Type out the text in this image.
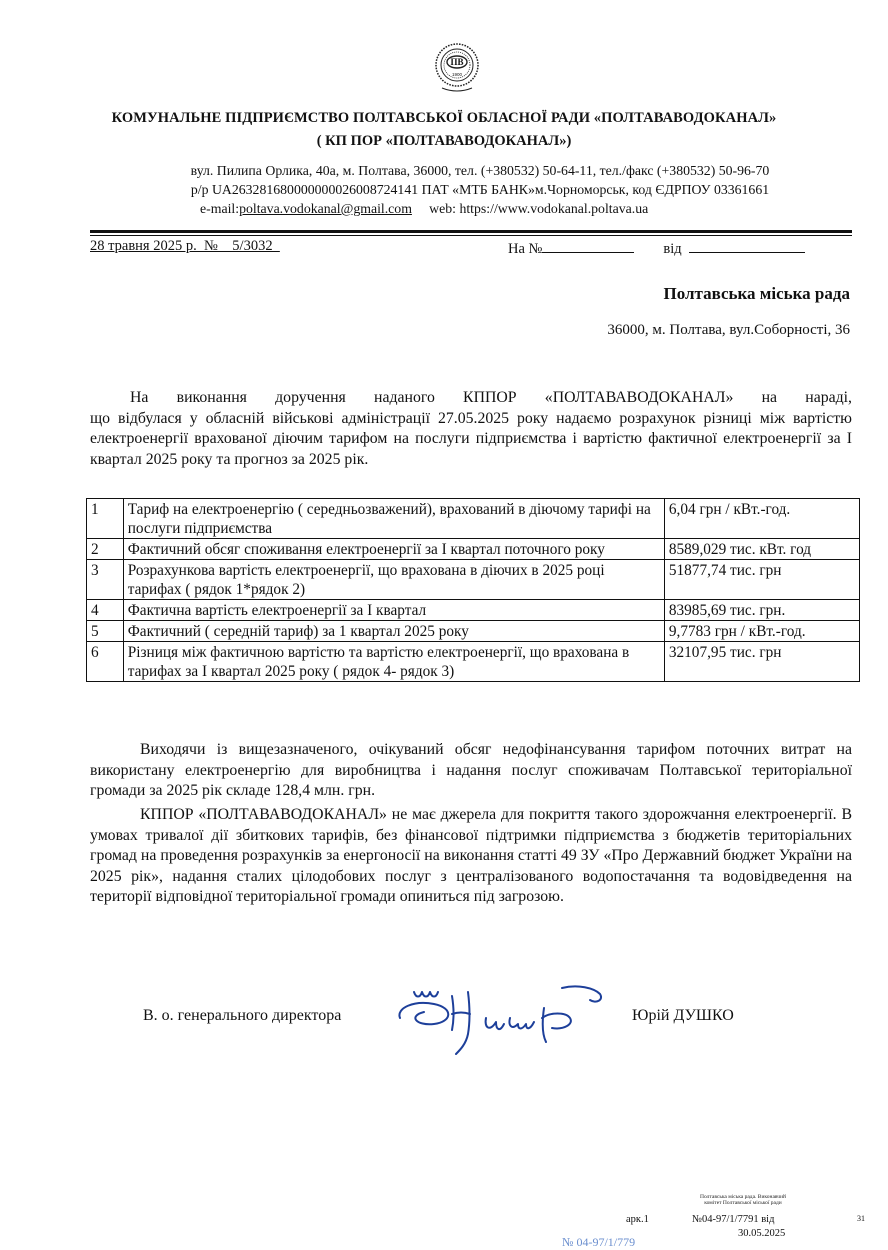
ПВ
1900
КОМУНАЛЬНЕ ПІДПРИЄМСТВО ПОЛТАВСЬКОЇ ОБЛАСНОЇ РАДИ «ПОЛТАВАВОДОКАНАЛ»
( КП ПОР «ПОЛТАВАВОДОКАНАЛ»)
вул. Пилипа Орлика, 40а, м. Полтава, 36000, тел. (+380532) 50-64-11, тел./факс (+380532) 50-96-70
р/р UA263281680000000026008724141 ПАТ «МТБ БАНК»м.Чорноморськ, код ЄДРПОУ 03361661
e-mail:poltava.vodokanal@gmail.com     web: https://www.vodokanal.poltava.ua
28 травня 2025 р.  №    5/3032	На №	від
Полтавська міська рада
36000, м. Полтава, вул.Соборності, 36
На виконання доручення наданого КППОР «ПОЛТАВАВОДОКАНАЛ» на нараді,
що відбулася у обласній військові адміністрації 27.05.2025 року надаємо розрахунок різниці між вартістю електроенергії врахованої діючим тарифом на послуги підприємства і вартістю фактичної електроенергії за І квартал 2025 року та прогноз за 2025 рік.
1	Тариф на електроенергію ( середньозважений), врахований в діючому тарифі на послуги підприємства	6,04 грн / кВт.-год.
2	Фактичний обсяг споживання електроенергії за І квартал поточного року	8589,029 тис. кВт. год
3	Розрахункова вартість електроенергії, що врахована в діючих в 2025 році тарифах ( рядок 1*рядок 2)	51877,74 тис. грн
4	Фактична вартість електроенергії за І квартал	83985,69 тис. грн.
5	Фактичний ( середній тариф) за 1 квартал 2025 року	9,7783 грн / кВт.-год.
6	Різниця між фактичною вартістю та вартістю електроенергії, що врахована в тарифах за І квартал 2025 року ( рядок 4- рядок 3)	32107,95 тис. грн
Виходячи із вищезазначеного, очікуваний обсяг недофінансування тарифом поточних витрат на використану електроенергію для виробництва і надання послуг споживачам Полтавської територіальної громади за 2025 рік складе 128,4 млн. грн.
КППОР «ПОЛТАВАВОДОКАНАЛ» не має джерела для покриття такого здорожчання електроенергії. В умовах тривалої дії збиткових тарифів, без фінансової підтримки підприємства з бюджетів територіальних громад на проведення розрахунків за енергоносії на виконання статті 49 ЗУ «Про Державний бюджет України на 2025 рік», надання сталих цілодобових послуг з централізованого водопостачання та водовідведення на території відповідної територіальної громади опиниться під загрозою.
В. о. генерального директора	Юрій ДУШКО
Полтавська міська рада. Виконавчий
комітет Полтавської міської ради
арк.1	№04-97/1/7791 від
30.05.2025
31
№ 04-97/1/779
